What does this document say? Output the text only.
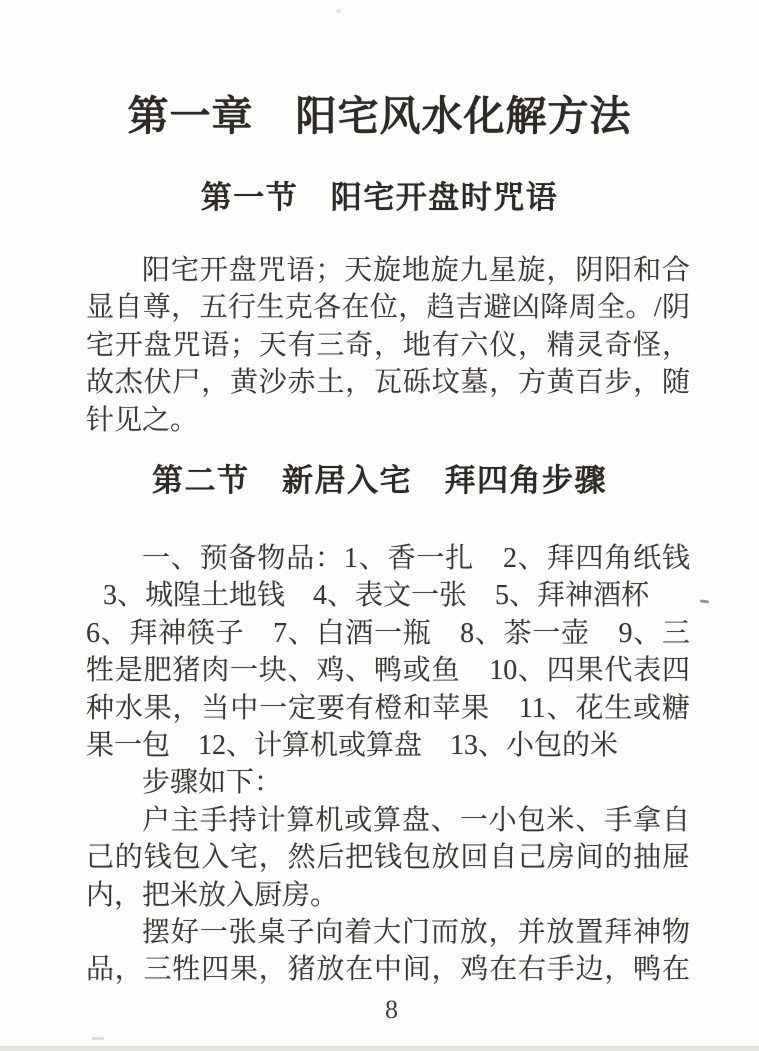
第一章　阳宅风水化解方法
第一节　阳宅开盘时咒语
阳宅开盘咒语；天旋地旋九星旋，阴阳和合
显自尊，五行生克各在位，趋吉避凶降周全。/阴
宅开盘咒语；天有三奇，地有六仪，精灵奇怪，
故杰伏尸，黄沙赤土，瓦砾坟墓，方黄百步，随
针见之。
第二节　新居入宅　拜四角步骤
一、预备物品：1、香一扎　2、拜四角纸钱
3、城隍土地钱　4、表文一张　5、拜神酒杯
6、拜神筷子　7、白酒一瓶　8、茶一壶　9、三
牲是肥猪肉一块、鸡、鸭或鱼　10、四果代表四
种水果，当中一定要有橙和苹果　11、花生或糖
果一包　12、计算机或算盘　13、小包的米
步骤如下：
户主手持计算机或算盘、一小包米、手拿自
己的钱包入宅，然后把钱包放回自己房间的抽屉
内，把米放入厨房。
摆好一张桌子向着大门而放，并放置拜神物
品，三牲四果，猪放在中间，鸡在右手边，鸭在
8
